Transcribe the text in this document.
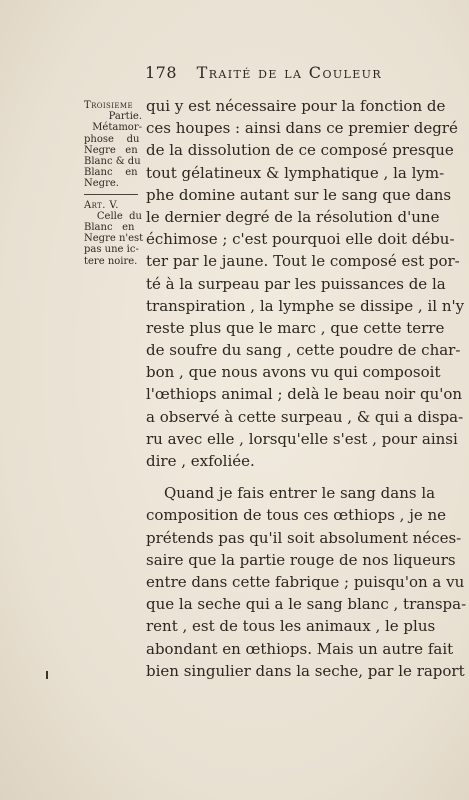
178 Traité de la Couleur
Troisieme
Partie.
Métamor-
phose    du
Negre   en
Blanc & du
Blanc    en
Negre.
Art. V.
Celle  du
Blanc   en
Negre n'est
pas une ic-
tere noire.
qui y est nécessaire pour la fonction de
ces houpes : ainsi dans ce premier degré
de la dissolution de ce composé presque
tout gélatineux & lymphatique , la lym-
phe domine autant sur le sang que dans
le dernier degré de la résolution d'une
échimose ; c'est pourquoi elle doit débu-
ter par le jaune. Tout le composé est por-
té à la surpeau par les puissances de la
transpiration , la lymphe se dissipe , il n'y
reste plus que le marc , que cette terre
de soufre du sang , cette poudre de char-
bon , que nous avons vu qui composoit
l'œthiops animal ; delà le beau noir qu'on
a observé à cette surpeau , & qui a dispa-
ru avec elle , lorsqu'elle s'est , pour ainsi
dire , exfoliée.
Quand je fais entrer le sang dans la
composition de tous ces œthiops , je ne
prétends pas qu'il soit absolument néces-
saire que la partie rouge de nos liqueurs
entre dans cette fabrique ; puisqu'on a vu
que la seche qui a le sang blanc , transpa-
rent , est de tous les animaux , le plus
abondant en œthiops. Mais un autre fait
bien singulier dans la seche, par le raport
